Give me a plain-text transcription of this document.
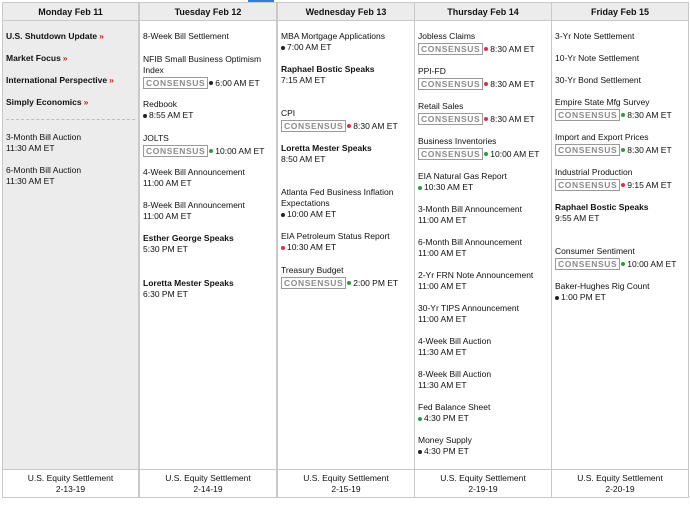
Monday Feb 11
U.S. Shutdown Update »
Market Focus »
International Perspective »
Simply Economics »
3-Month Bill Auction
11:30 AM ET
6-Month Bill Auction
11:30 AM ET
U.S. Equity Settlement
2-13-19
Tuesday Feb 12
8-Week Bill Settlement
NFIB Small Business Optimism Index
CONSENSUS	6:00 AM ET
Redbook
8:55 AM ET
JOLTS
CONSENSUS	10:00 AM ET
4-Week Bill Announcement
11:00 AM ET
8-Week Bill Announcement
11:00 AM ET
Esther George Speaks
5:30 PM ET
Loretta Mester Speaks
6:30 PM ET
U.S. Equity Settlement
2-14-19
Wednesday Feb 13
MBA Mortgage Applications
7:00 AM ET
Raphael Bostic Speaks
7:15 AM ET
CPI
CONSENSUS	8:30 AM ET
Loretta Mester Speaks
8:50 AM ET
Atlanta Fed Business Inflation Expectations
10:00 AM ET
EIA Petroleum Status Report
10:30 AM ET
Treasury Budget
CONSENSUS	2:00 PM ET
U.S. Equity Settlement
2-15-19
Thursday Feb 14
Jobless Claims
CONSENSUS	8:30 AM ET
PPI-FD
CONSENSUS	8:30 AM ET
Retail Sales
CONSENSUS	8:30 AM ET
Business Inventories
CONSENSUS	10:00 AM ET
EIA Natural Gas Report
10:30 AM ET
3-Month Bill Announcement
11:00 AM ET
6-Month Bill Announcement
11:00 AM ET
2-Yr FRN Note Announcement
11:00 AM ET
30-Yr TIPS Announcement
11:00 AM ET
4-Week Bill Auction
11:30 AM ET
8-Week Bill Auction
11:30 AM ET
Fed Balance Sheet
4:30 PM ET
Money Supply
4:30 PM ET
U.S. Equity Settlement
2-19-19
Friday Feb 15
3-Yr Note Settlement
10-Yr Note Settlement
30-Yr Bond Settlement
Empire State Mfg Survey
CONSENSUS	8:30 AM ET
Import and Export Prices
CONSENSUS	8:30 AM ET
Industrial Production
CONSENSUS	9:15 AM ET
Raphael Bostic Speaks
9:55 AM ET
Consumer Sentiment
CONSENSUS	10:00 AM ET
Baker-Hughes Rig Count
1:00 PM ET
U.S. Equity Settlement
2-20-19
